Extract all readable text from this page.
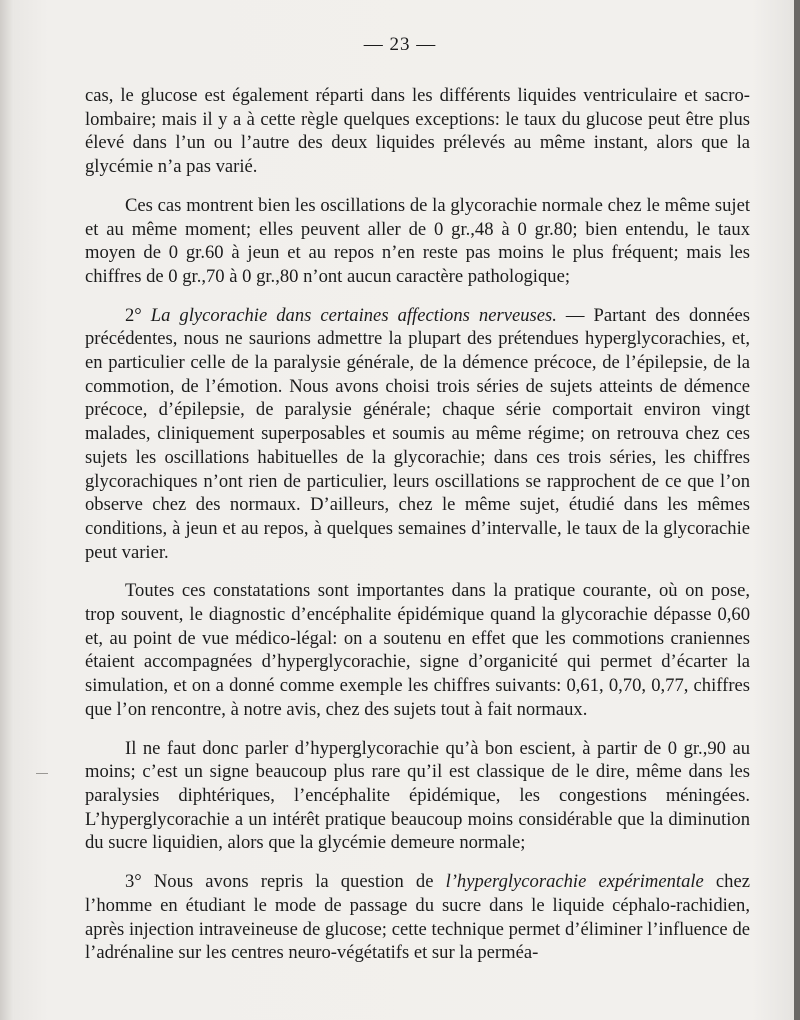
— 23 —

cas, le glucose est également réparti dans les différents liquides ventriculaire et sacro-lombaire; mais il y a à cette règle quelques exceptions: le taux du glucose peut être plus élevé dans l’un ou l’autre des deux liquides prélevés au même instant, alors que la glycémie n’a pas varié.

Ces cas montrent bien les oscillations de la glycorachie normale chez le même sujet et au même moment; elles peuvent aller de 0 gr.,48 à 0 gr.80; bien entendu, le taux moyen de 0 gr.60 à jeun et au repos n’en reste pas moins le plus fréquent; mais les chiffres de 0 gr.,70 à 0 gr.,80 n’ont aucun caractère pathologique;

2° La glycorachie dans certaines affections nerveuses. — Partant des données précédentes, nous ne saurions admettre la plupart des prétendues hyperglycorachies, et, en particulier celle de la paralysie générale, de la démence précoce, de l’épilepsie, de la commotion, de l’émotion. Nous avons choisi trois séries de sujets atteints de démence précoce, d’épilepsie, de paralysie générale; chaque série comportait environ vingt malades, cliniquement superposables et soumis au même régime; on retrouva chez ces sujets les oscillations habituelles de la glycorachie; dans ces trois séries, les chiffres glycorachiques n’ont rien de particulier, leurs oscillations se rapprochent de ce que l’on observe chez des normaux. D’ailleurs, chez le même sujet, étudié dans les mêmes conditions, à jeun et au repos, à quelques semaines d’intervalle, le taux de la glycorachie peut varier.

Toutes ces constatations sont importantes dans la pratique courante, où on pose, trop souvent, le diagnostic d’encéphalite épidémique quand la glycorachie dépasse 0,60 et, au point de vue médico-légal: on a soutenu en effet que les commotions craniennes étaient accompagnées d’hyperglycorachie, signe d’organicité qui permet d’écarter la simulation, et on a donné comme exemple les chiffres suivants: 0,61, 0,70, 0,77, chiffres que l’on rencontre, à notre avis, chez des sujets tout à fait normaux.

Il ne faut donc parler d’hyperglycorachie qu’à bon escient, à partir de 0 gr.,90 au moins; c’est un signe beaucoup plus rare qu’il est classique de le dire, même dans les paralysies diphtériques, l’encéphalite épidémique, les congestions méningées. L’hyperglycorachie a un intérêt pratique beaucoup moins considérable que la diminution du sucre liquidien, alors que la glycémie demeure normale;

3° Nous avons repris la question de l’hyperglycorachie expérimentale chez l’homme en étudiant le mode de passage du sucre dans le liquide céphalo-rachidien, après injection intraveineuse de glucose; cette technique permet d’éliminer l’influence de l’adrénaline sur les centres neuro-végétatifs et sur la perméa-
